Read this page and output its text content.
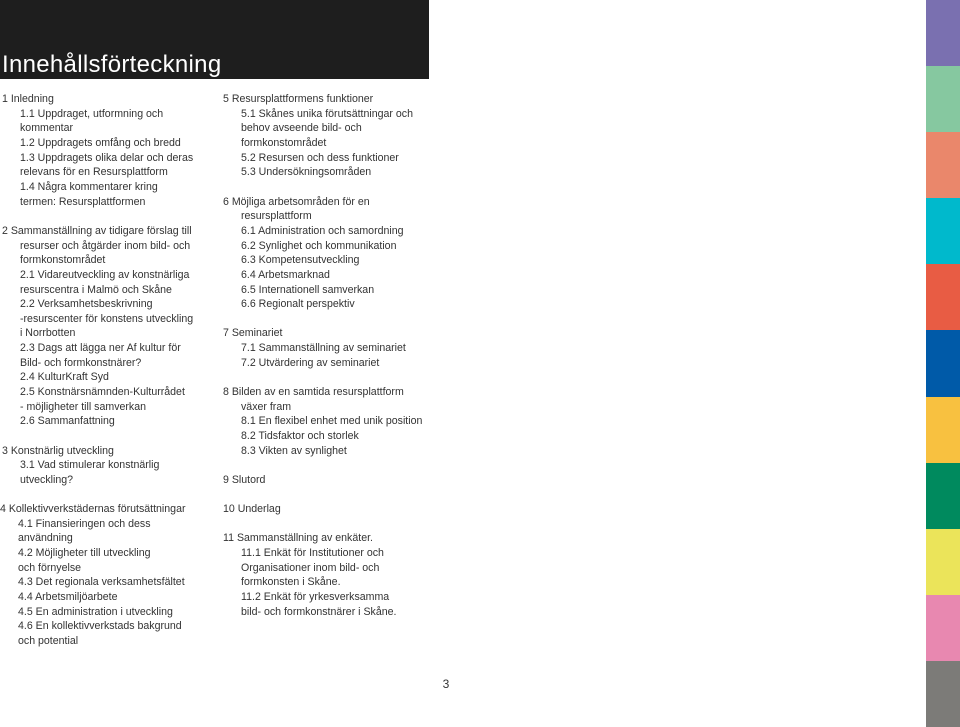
Innehållsförteckning
1 Inledning
1.1 Uppdraget, utformning och
kommentar
1.2 Uppdragets omfång och bredd
1.3 Uppdragets olika delar och deras
relevans för en Resursplattform
1.4 Några kommentarer kring
termen: Resursplattformen
2 Sammanställning av tidigare förslag till
resurser och åtgärder inom bild- och
formkonstområdet
2.1 Vidareutveckling av konstnärliga
resurscentra i Malmö och Skåne
2.2 Verksamhetsbeskrivning
-resurscenter för konstens utveckling
i Norrbotten
2.3 Dags att lägga ner Af kultur för
Bild- och formkonstnärer?
2.4 KulturKraft Syd
2.5 Konstnärsnämnden-Kulturrådet
- möjligheter till samverkan
2.6 Sammanfattning
3 Konstnärlig utveckling
3.1 Vad stimulerar konstnärlig
utveckling?
4 Kollektivverkstädernas förutsättningar
4.1 Finansieringen och dess
användning
4.2 Möjligheter till utveckling
och förnyelse
4.3 Det regionala verksamhetsfältet
4.4 Arbetsmiljöarbete
4.5 En administration i utveckling
4.6 En kollektivverkstads bakgrund
och potential
5 Resursplattformens funktioner
5.1 Skånes unika förutsättningar och
behov avseende bild- och
formkonstområdet
5.2 Resursen och dess funktioner
5.3 Undersökningsområden
6 Möjliga arbetsområden för en
resursplattform
6.1 Administration och samordning
6.2 Synlighet och kommunikation
6.3 Kompetensutveckling
6.4 Arbetsmarknad
6.5 Internationell samverkan
6.6 Regionalt perspektiv
7 Seminariet
7.1 Sammanställning av seminariet
7.2 Utvärdering av seminariet
8 Bilden av en samtida resursplattform
växer fram
8.1 En flexibel enhet med unik position
8.2 Tidsfaktor och storlek
8.3 Vikten av synlighet
9 Slutord
10 Underlag
11 Sammanställning av enkäter.
11.1 Enkät för Institutioner och
Organisationer inom bild- och
formkonsten i Skåne.
11.2 Enkät för yrkesverksamma
bild- och formkonstnärer i Skåne.
3
